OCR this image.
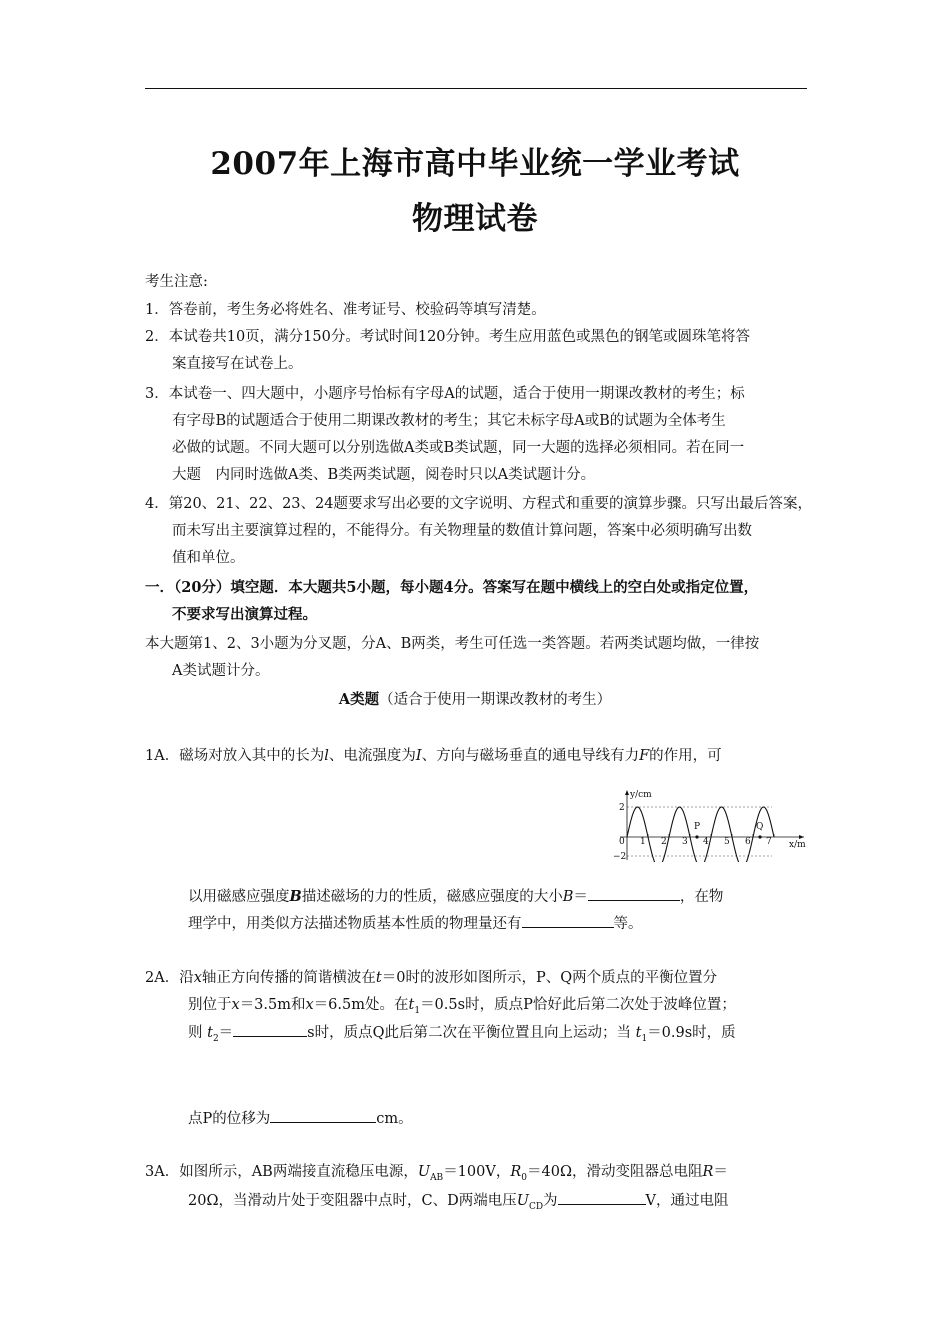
2007年上海市高中毕业统一学业考试
物理试卷
考生注意:
1．答卷前，考生务必将姓名、准考证号、校验码等填写清楚。
2．本试卷共10页，满分150分。考试时间120分钟。考生应用蓝色或黑色的钢笔或圆珠笔将答
案直接写在试卷上。
3．本试卷一、四大题中，小题序号怡标有字母A的试题，适合于使用一期课改教材的考生；标
有字母B的试题适合于使用二期课改教材的考生；其它未标字母A或B的试题为全体考生
必做的试题。不同大题可以分别选做A类或B类试题，同一大题的选择必须相同。若在同一
大题　内同时选做A类、B类两类试题，阅卷时只以A类试题计分。
4．第20、21、22、23、24题要求写出必要的文字说明、方程式和重要的演算步骤。只写出最后答案，
而未写出主要演算过程的，不能得分。有关物理量的数值计算问题，答案中必须明确写出数
值和单位。
一．（20分）填空题．本大题共5小题，每小题4分。答案写在题中横线上的空白处或指定位置，
不要求写出演算过程。
本大题第1、2、3小题为分叉题，分A、B两类，考生可任选一类答题。若两类试题均做，一律按
A类试题计分。
A类题（适合于使用一期课改教材的考生）
1A．磁场对放入其中的长为l、电流强度为I、方向与磁场垂直的通电导线有力F的作用，可
y/cm
x/m
2
−2
0 1 2 3 4 5 6 7
P	Q
以用磁感应强度B描述磁场的力的性质，磁感应强度的大小B＝	，在物
理学中，用类似方法描述物质基本性质的物理量还有	等。
2A．沿x轴正方向传播的简谐横波在t＝0时的波形如图所示，P、Q两个质点的平衡位置分
别位于x＝3.5m和x＝6.5m处。在$t_1=0.5s$时，质点P恰好此后第二次处于波峰位置；
则 $t_2=$	s时，质点Q此后第二次在平衡位置且向上运动；当 $t_1=0.9s$时，质
点P的位移为	cm。
3A．如图所示，AB两端接直流稳压电源，$U_{AB}=100V$，$R_0=40\Omega$，滑动变阻器总电阻R＝
20Ω，当滑动片处于变阻器中点时，C、D两端电压$U_{CD}$为	V，通过电阻
